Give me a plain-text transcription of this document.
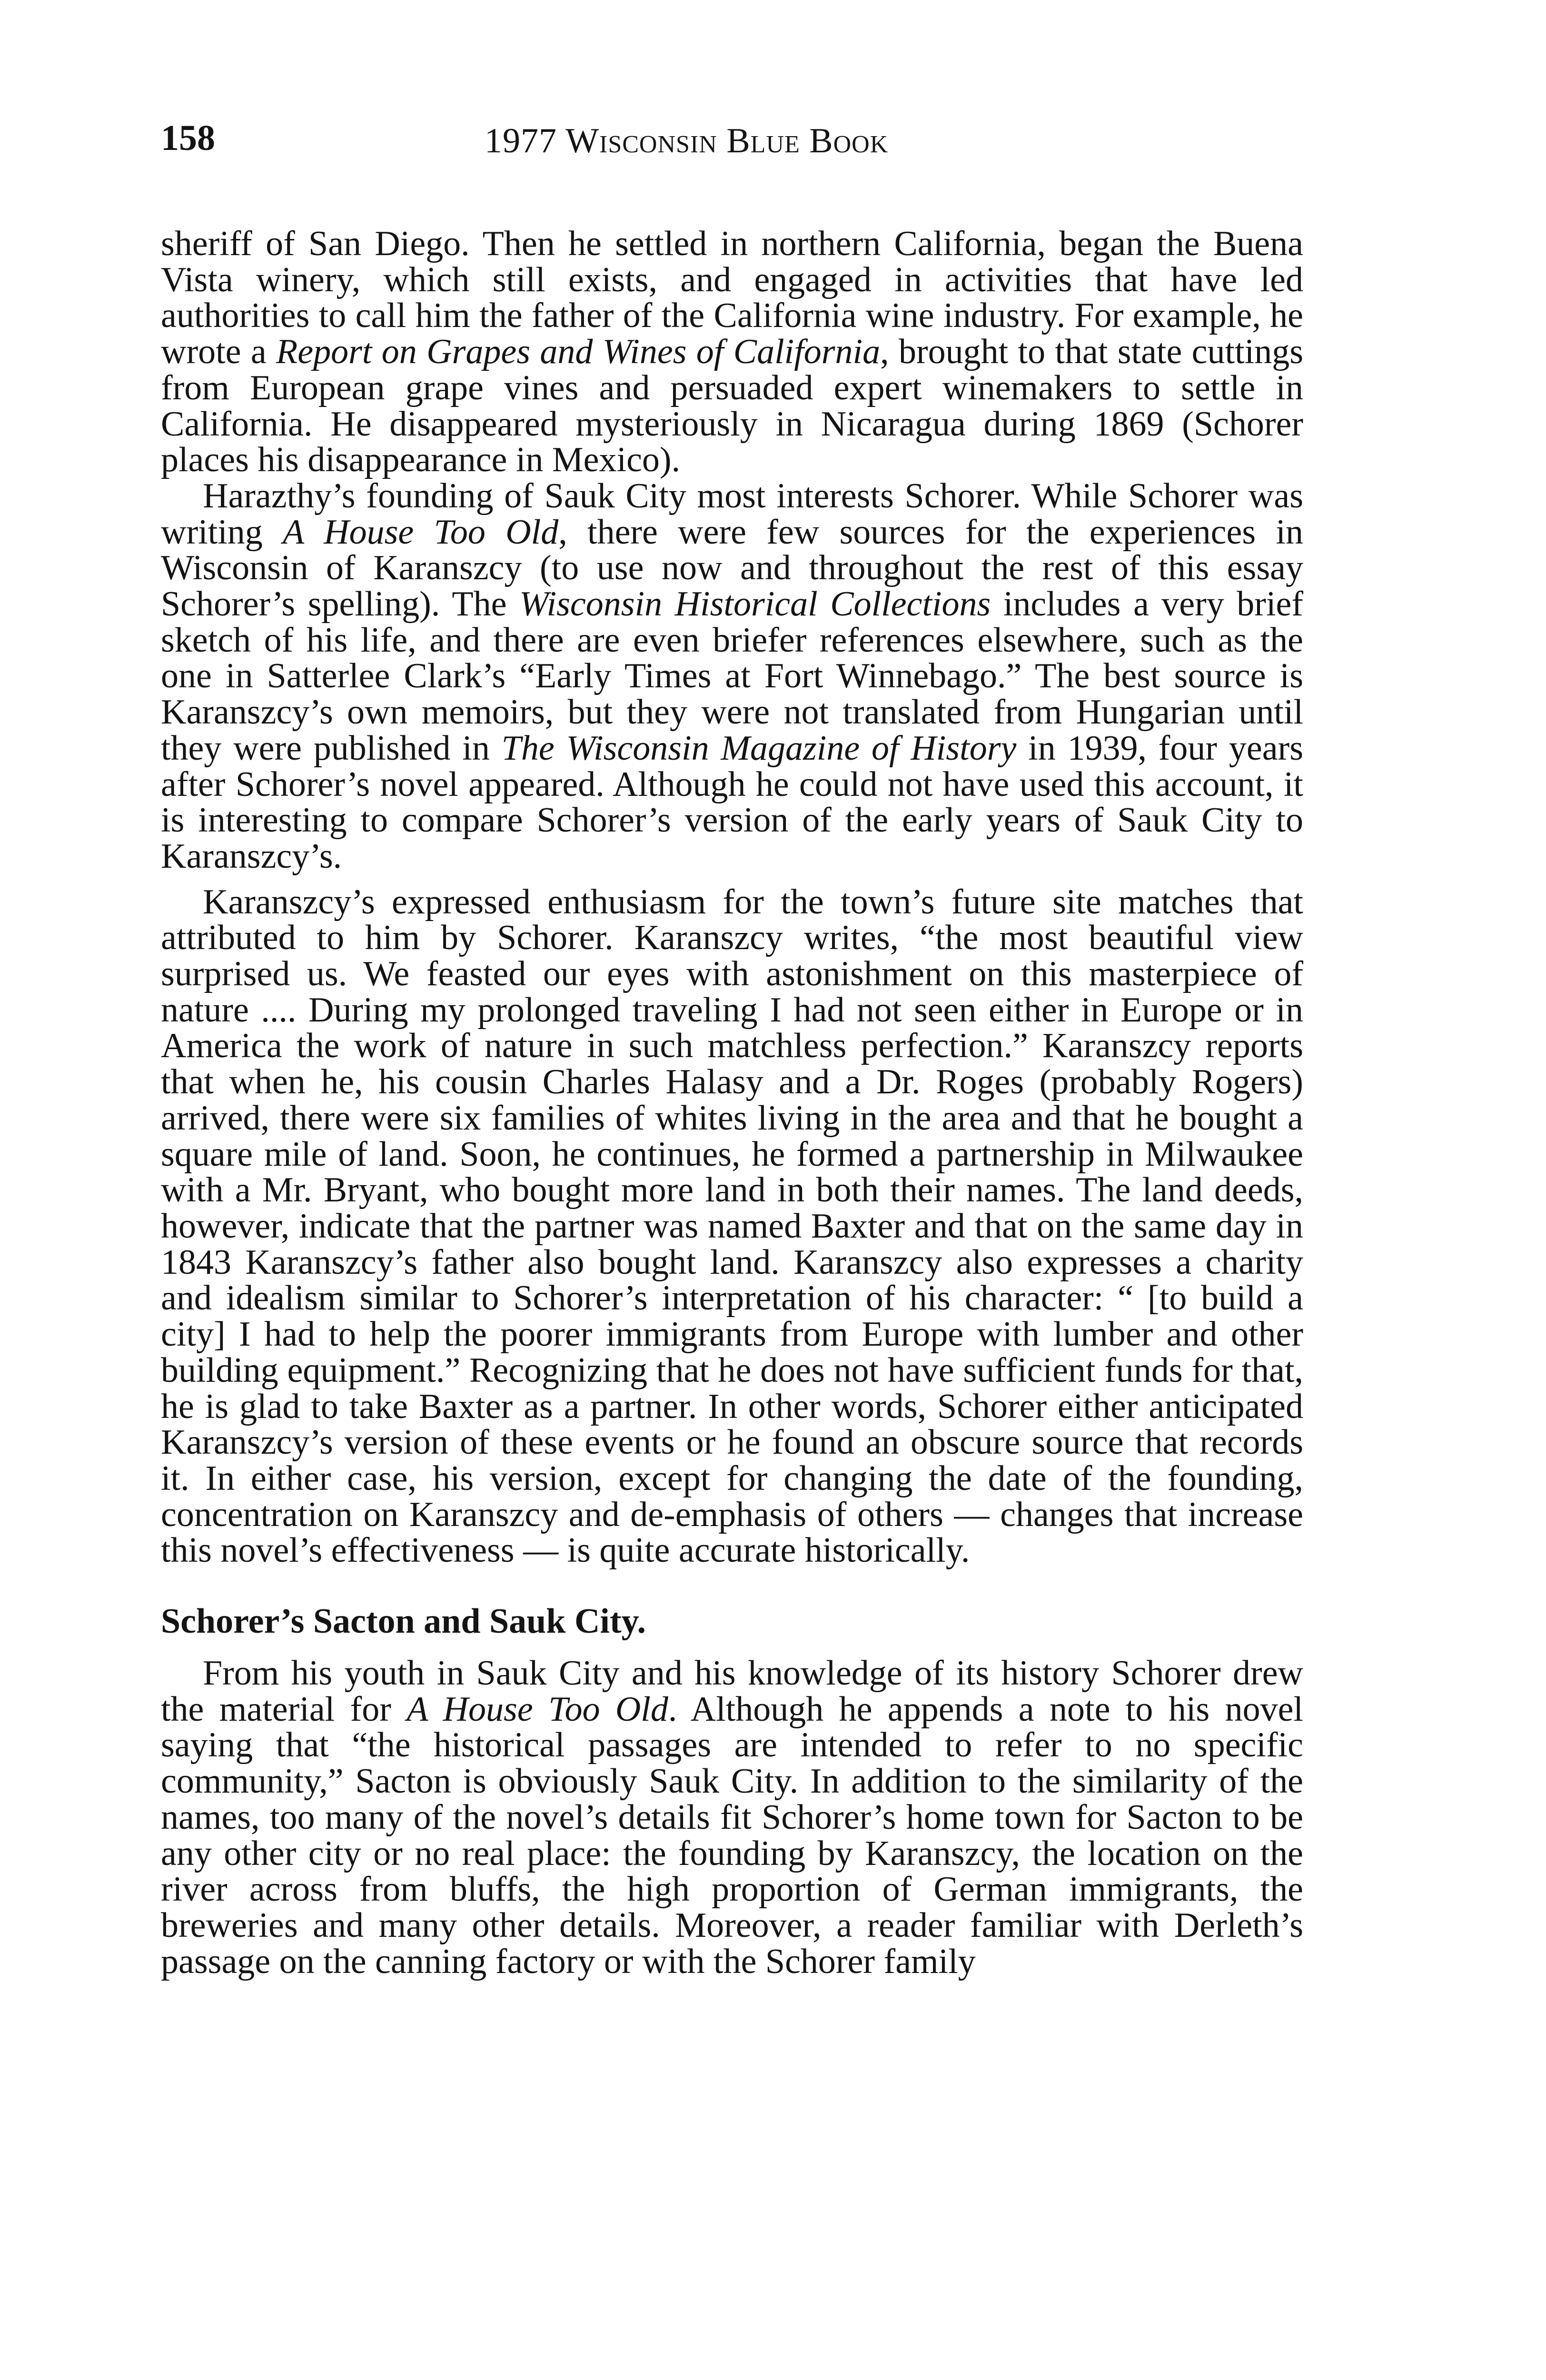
158	1977 Wisconsin Blue Book

sheriff of San Diego. Then he settled in northern California, began the Buena Vista winery, which still exists, and engaged in activities that have led authorities to call him the father of the California wine industry. For example, he wrote a Report on Grapes and Wines of California, brought to that state cuttings from European grape vines and persuaded expert winemakers to settle in California. He disappeared mysteriously in Nicaragua during 1869 (Schorer places his disappearance in Mexico).

Harazthy’s founding of Sauk City most interests Schorer. While Schorer was writing A House Too Old, there were few sources for the experiences in Wisconsin of Karanszcy (to use now and throughout the rest of this essay Schorer’s spelling). The Wisconsin Historical Collections includes a very brief sketch of his life, and there are even briefer references elsewhere, such as the one in Satterlee Clark’s “Early Times at Fort Winnebago.” The best source is Karanszcy’s own memoirs, but they were not translated from Hungarian until they were published in The Wisconsin Magazine of History in 1939, four years after Schorer’s novel appeared. Although he could not have used this account, it is interesting to compare Schorer’s version of the early years of Sauk City to Karanszcy’s.

Karanszcy’s expressed enthusiasm for the town’s future site matches that attributed to him by Schorer. Karanszcy writes, “the most beautiful view surprised us. We feasted our eyes with astonishment on this masterpiece of nature .... During my prolonged traveling I had not seen either in Europe or in America the work of nature in such matchless perfection.” Karanszcy reports that when he, his cousin Charles Halasy and a Dr. Roges (probably Rogers) arrived, there were six families of whites living in the area and that he bought a square mile of land. Soon, he continues, he formed a partnership in Milwaukee with a Mr. Bryant, who bought more land in both their names. The land deeds, however, indicate that the partner was named Baxter and that on the same day in 1843 Karanszcy’s father also bought land. Karanszcy also expresses a charity and idealism similar to Schorer’s interpretation of his character: “ [to build a city] I had to help the poorer immigrants from Europe with lumber and other building equipment.” Recognizing that he does not have sufficient funds for that, he is glad to take Baxter as a partner. In other words, Schorer either anticipated Karanszcy’s version of these events or he found an obscure source that records it. In either case, his version, except for changing the date of the founding, concentration on Karanszcy and de-emphasis of others — changes that increase this novel’s effectiveness — is quite accurate historically.

Schorer’s Sacton and Sauk City.

From his youth in Sauk City and his knowledge of its history Schorer drew the material for A House Too Old. Although he appends a note to his novel saying that “the historical passages are intended to refer to no specific community,” Sacton is obviously Sauk City. In addition to the similarity of the names, too many of the novel’s details fit Schorer’s home town for Sacton to be any other city or no real place: the founding by Karanszcy, the location on the river across from bluffs, the high proportion of German immigrants, the breweries and many other details. Moreover, a reader familiar with Derleth’s passage on the canning factory or with the Schorer family
